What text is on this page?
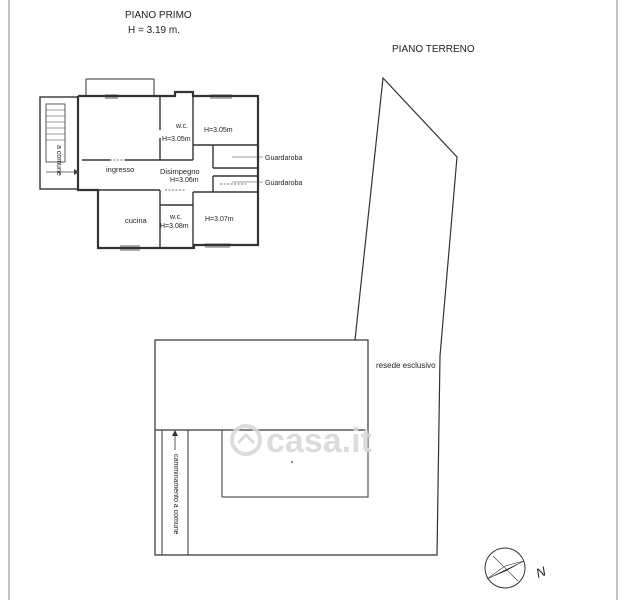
PIANO PRIMO
H = 3.19 m.
a comune
w.c.
H=3.05m
H=3.05m
ingresso	Disimpegno
H=3.06m
Guardaroba
Guardaroba
cucina	w.c.
H=3.08m
H=3.07m
PIANO TERRENO
camminamento a comune
resede esclusivo
casa.it
N
